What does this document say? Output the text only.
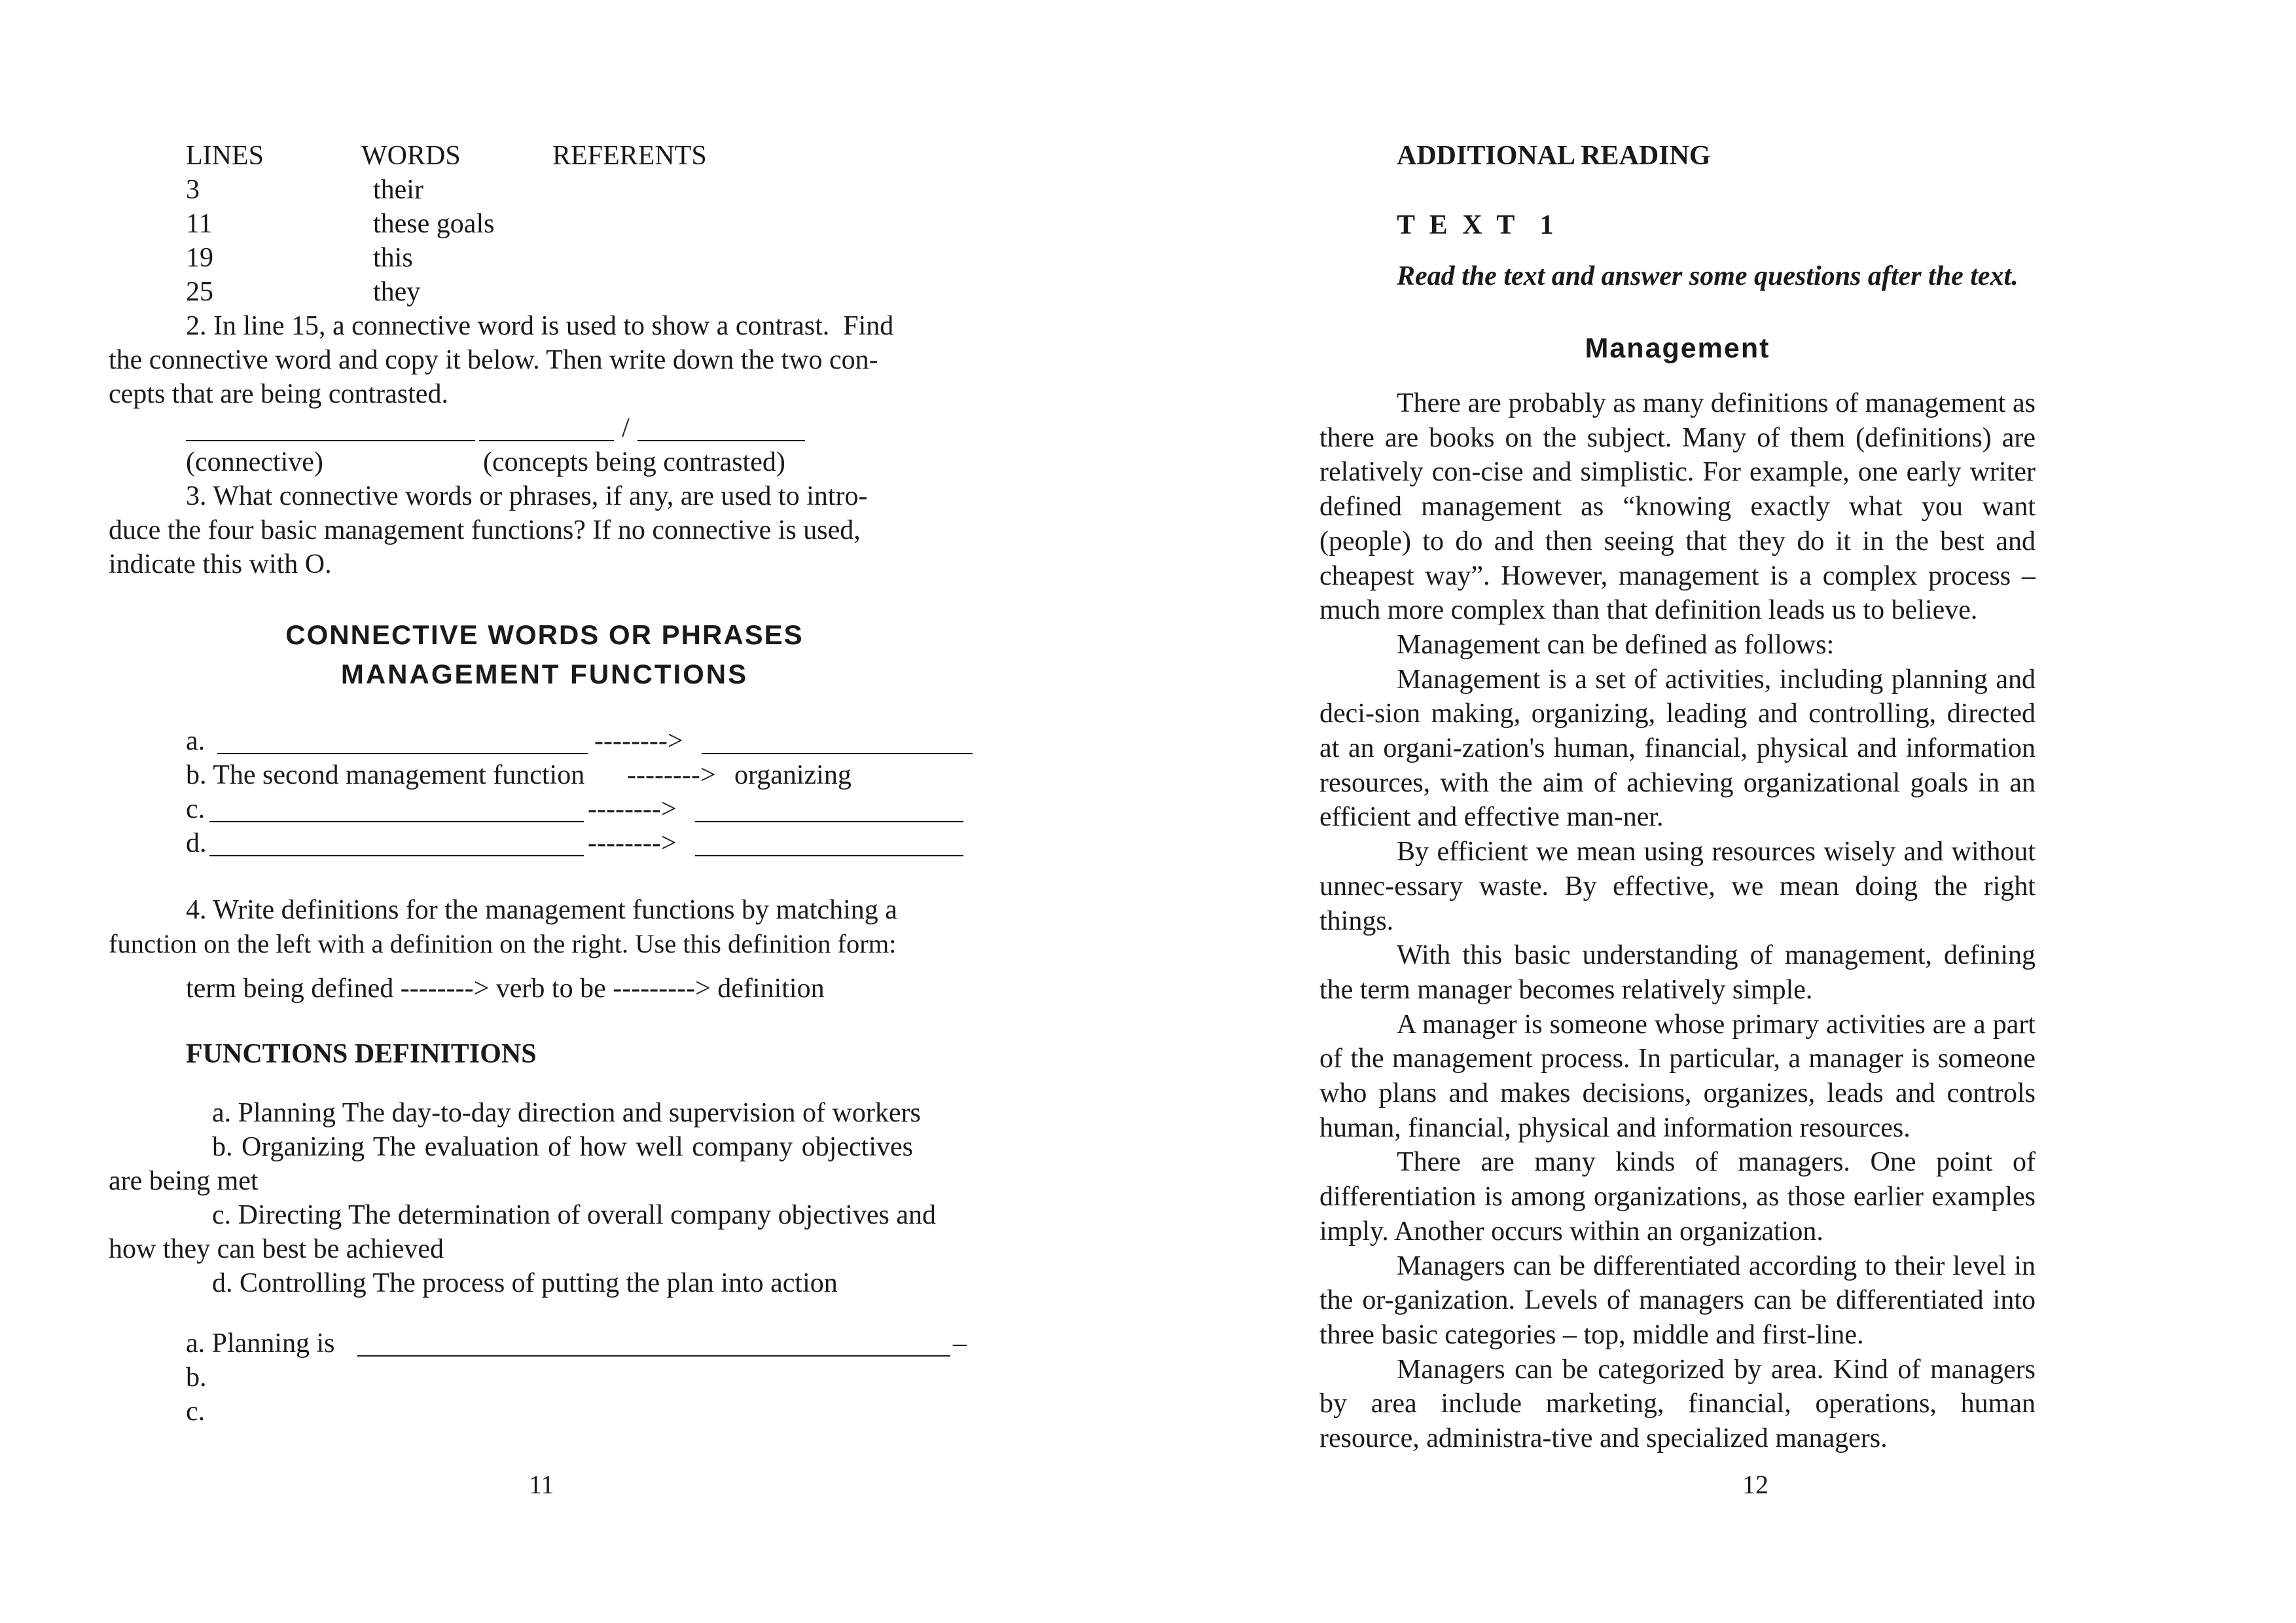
LINES	WORDS	REFERENTS
3	their
11	these goals
19	this
25	they
2. In line 15, a connective word is used to show a contrast.  Find
the connective word and copy it below. Then write down the two con-
cepts that are being contrasted.
/
(connective)	(concepts being contrasted)
3. What connective words or phrases, if any, are used to intro-
duce the four basic management functions? If no connective is used,
indicate this with O.
CONNECTIVE WORDS OR PHRASES
MANAGEMENT FUNCTIONS
a.	-------->
b. The second management function --------> organizing
c.	-------->
d.	-------->
4. Write definitions for the management functions by matching a
function on the left with a definition on the right. Use this definition form:
term being defined --------> verb to be ---------> definition
FUNCTIONS DEFINITIONS
a. Planning The day-to-day direction and supervision of workers
b. Organizing The evaluation of how well company objectives
are being met
c. Directing The determination of overall company objectives and
how they can best be achieved
d. Controlling The process of putting the plan into action
a. Planning is	–
b.
c.
11
ADDITIONAL READING
T E X T  1
Read the text and answer some questions after the text.
Management
There are probably as many definitions of management as there are books on the subject. Many of them (definitions) are relatively con-cise and simplistic. For example, one early writer defined management as “knowing exactly what you want (people) to do and then seeing that they do it in the best and cheapest way”. However, management is a complex process – much more complex than that definition leads us to believe.
Management can be defined as follows:
Management is a set of activities, including planning and deci-sion making, organizing, leading and controlling, directed at an organi-zation's human, financial, physical and information resources, with the aim of achieving organizational goals in an efficient and effective man-ner.
By efficient we mean using resources wisely and without unnec-essary waste. By effective, we mean doing the right things.
With this basic understanding of management, defining the term manager becomes relatively simple.
A manager is someone whose primary activities are a part of the management process. In particular, a manager is someone who plans and makes decisions, organizes, leads and controls human, financial, physical and information resources.
There are many kinds of managers. One point of differentiation is among organizations, as those earlier examples imply. Another occurs within an organization.
Managers can be differentiated according to their level in the or-ganization. Levels of managers can be differentiated into three basic categories – top, middle and first-line.
Managers can be categorized by area. Kind of managers by area include marketing, financial, operations, human resource, administra-tive and specialized managers.
12
